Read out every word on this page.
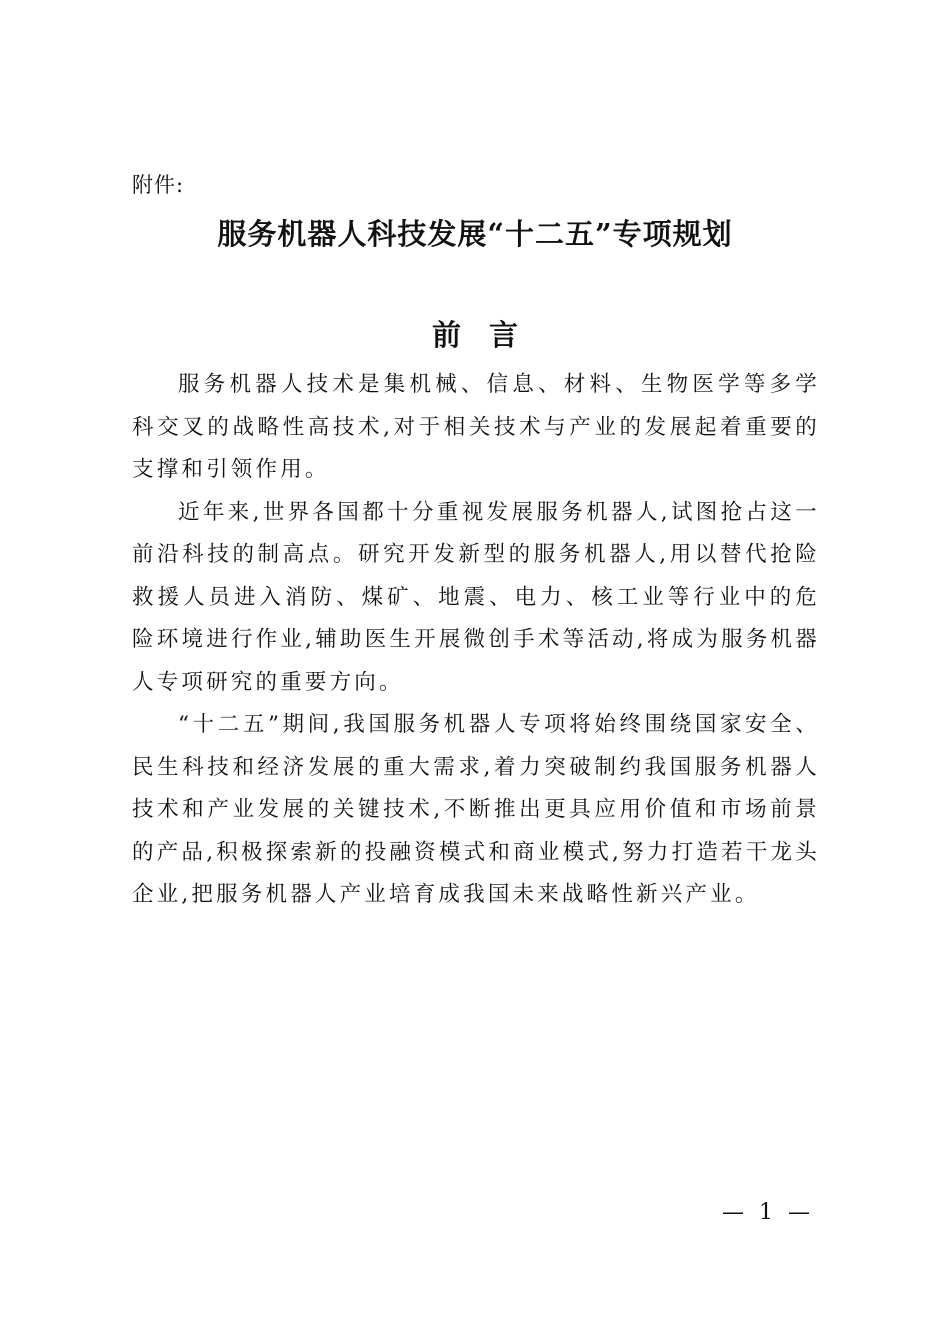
附件:
服务机器人科技发展“十二五”专项规划
前言

服务机器人技术是集机械、信息、材料、生物医学等多学科交叉的战略性高技术,对于相关技术与产业的发展起着重要的支撑和引领作用。

近年来,世界各国都十分重视发展服务机器人,试图抢占这一前沿科技的制高点。研究开发新型的服务机器人,用以替代抢险救援人员进入消防、煤矿、地震、电力、核工业等行业中的危险环境进行作业,辅助医生开展微创手术等活动,将成为服务机器人专项研究的重要方向。

“十二五”期间,我国服务机器人专项将始终围绕国家安全、民生科技和经济发展的重大需求,着力突破制约我国服务机器人技术和产业发展的关键技术,不断推出更具应用价值和市场前景的产品,积极探索新的投融资模式和商业模式,努力打造若干龙头企业,把服务机器人产业培育成我国未来战略性新兴产业。

— 1 —
